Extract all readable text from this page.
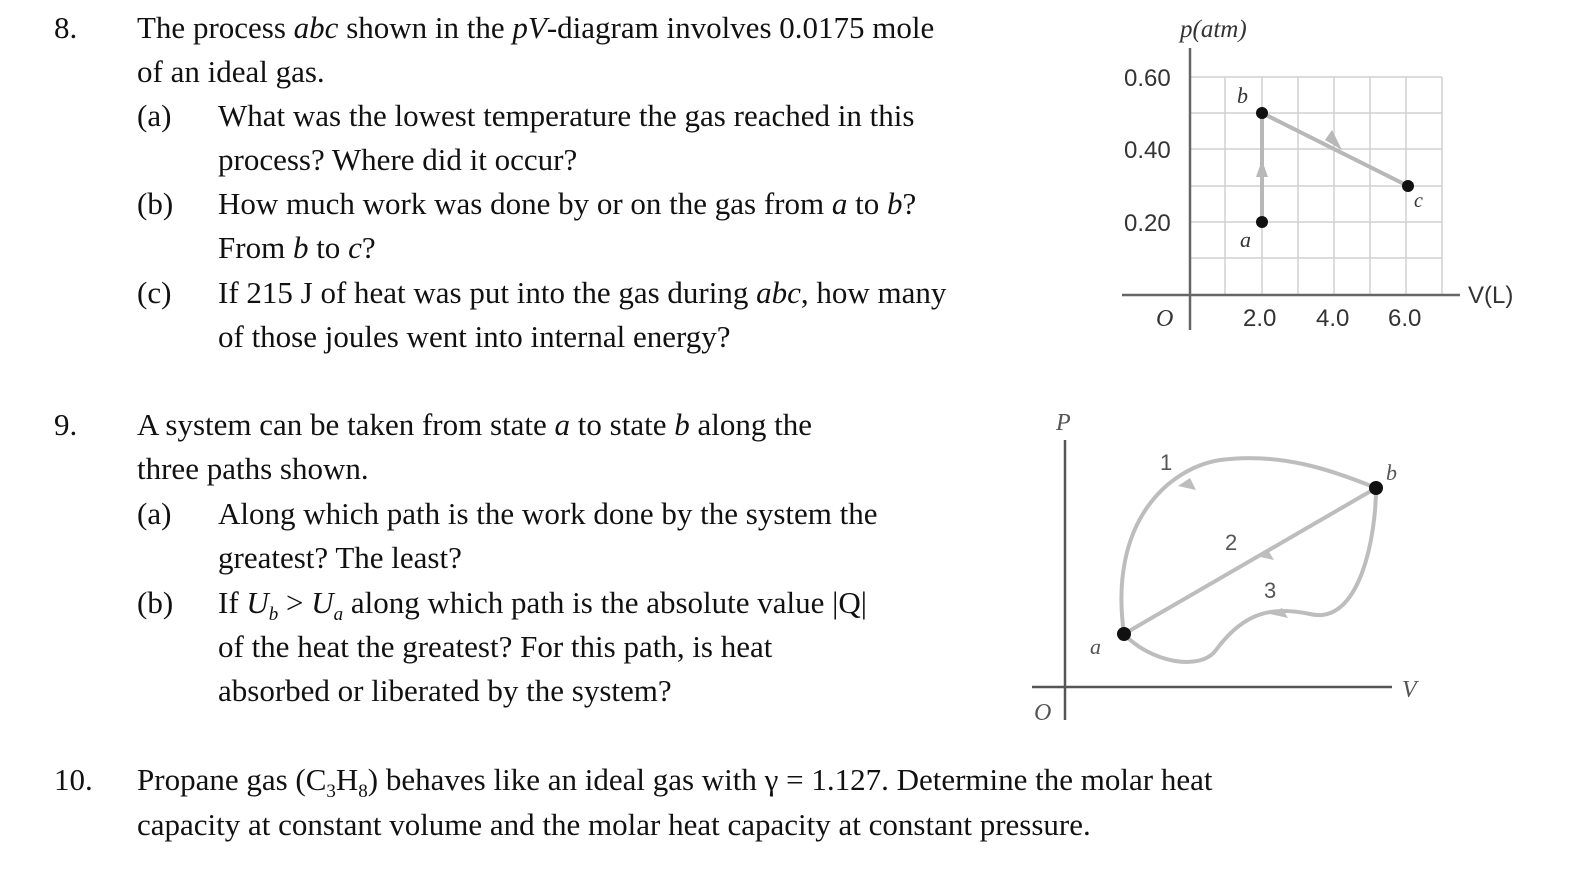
8. The process abc shown in the pV-diagram involves 0.0175 mole
of an ideal gas.
(a) What was the lowest temperature the gas reached in this
process? Where did it occur?
(b) How much work was done by or on the gas from a to b?
From b to c?
(c) If 215 J of heat was put into the gas during abc, how many
of those joules went into internal energy?
p(atm)
V(L)
0.60
0.40
0.20
O	2.0 4.0 6.0
a
b
c
9. A system can be taken from state a to state b along the
three paths shown.
(a) Along which path is the work done by the system the
greatest? The least?
(b) If $U_b > U_a$ along which path is the absolute value |Q|
of the heat the greatest? For this path, is heat
absorbed or liberated by the system?
P
V
O
a
b
1
2
3
10. Propane gas $(C_3H_8)$ behaves like an ideal gas with γ = 1.127. Determine the molar heat
capacity at constant volume and the molar heat capacity at constant pressure.
